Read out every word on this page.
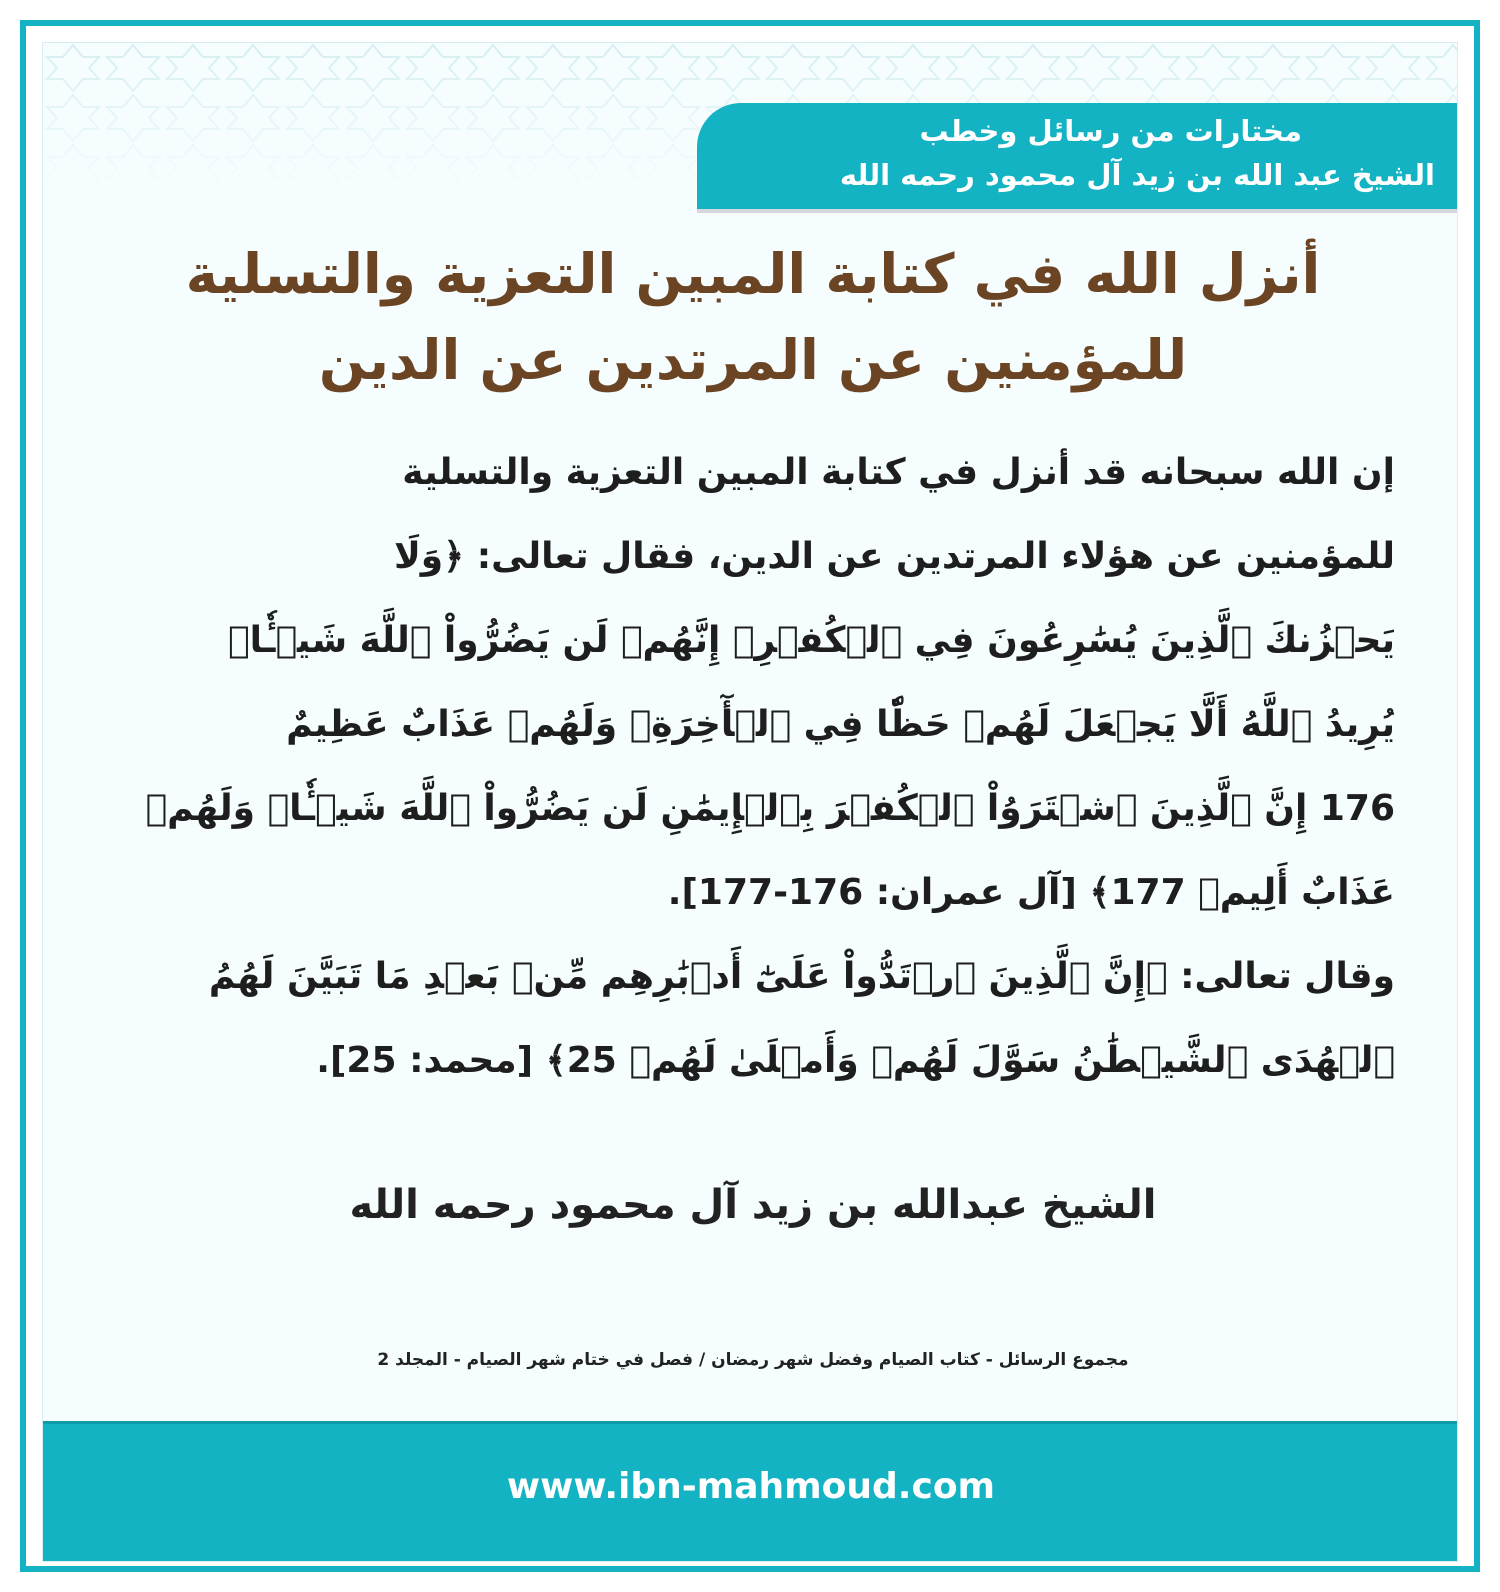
مختارات من رسائل وخطب
الشيخ عبد الله بن زيد آل محمود رحمه الله
أنزل الله في كتابة المبين التعزية والتسلية
للمؤمنين عن المرتدين عن الدين
إن الله سبحانه قد أنزل في كتابة المبين التعزية والتسلية
للمؤمنين عن هؤلاء المرتدين عن الدين، فقال تعالى: ﴿وَلَا
يَحۡزُنكَ ٱلَّذِينَ يُسَٰرِعُونَ فِي ٱلۡكُفۡرِۚ إِنَّهُمۡ لَن يَضُرُّواْ ٱللَّهَ شَيۡـٔٗاۗ
يُرِيدُ ٱللَّهُ أَلَّا يَجۡعَلَ لَهُمۡ حَظّٗا فِي ٱلۡأٓخِرَةِۖ وَلَهُمۡ عَذَابٌ عَظِيمٌ
176 إِنَّ ٱلَّذِينَ ٱشۡتَرَوُاْ ٱلۡكُفۡرَ بِٱلۡإِيمَٰنِ لَن يَضُرُّواْ ٱللَّهَ شَيۡـٔٗاۖ وَلَهُمۡ
عَذَابٌ أَلِيمٞ 177﴾ [آل عمران: 176-177].
وقال تعالى: ﴿إِنَّ ٱلَّذِينَ ٱرۡتَدُّواْ عَلَىٰٓ أَدۡبَٰرِهِم مِّنۢ بَعۡدِ مَا تَبَيَّنَ لَهُمُ
ٱلۡهُدَى ٱلشَّيۡطَٰنُ سَوَّلَ لَهُمۡ وَأَمۡلَىٰ لَهُمۡ 25﴾ [محمد: 25].
الشيخ عبدالله بن زيد آل محمود رحمه الله
مجموع الرسائل - كتاب الصيام وفضل شهر رمضان / فصل في ختام شهر الصيام - المجلد 2
www.ibn-mahmoud.com
